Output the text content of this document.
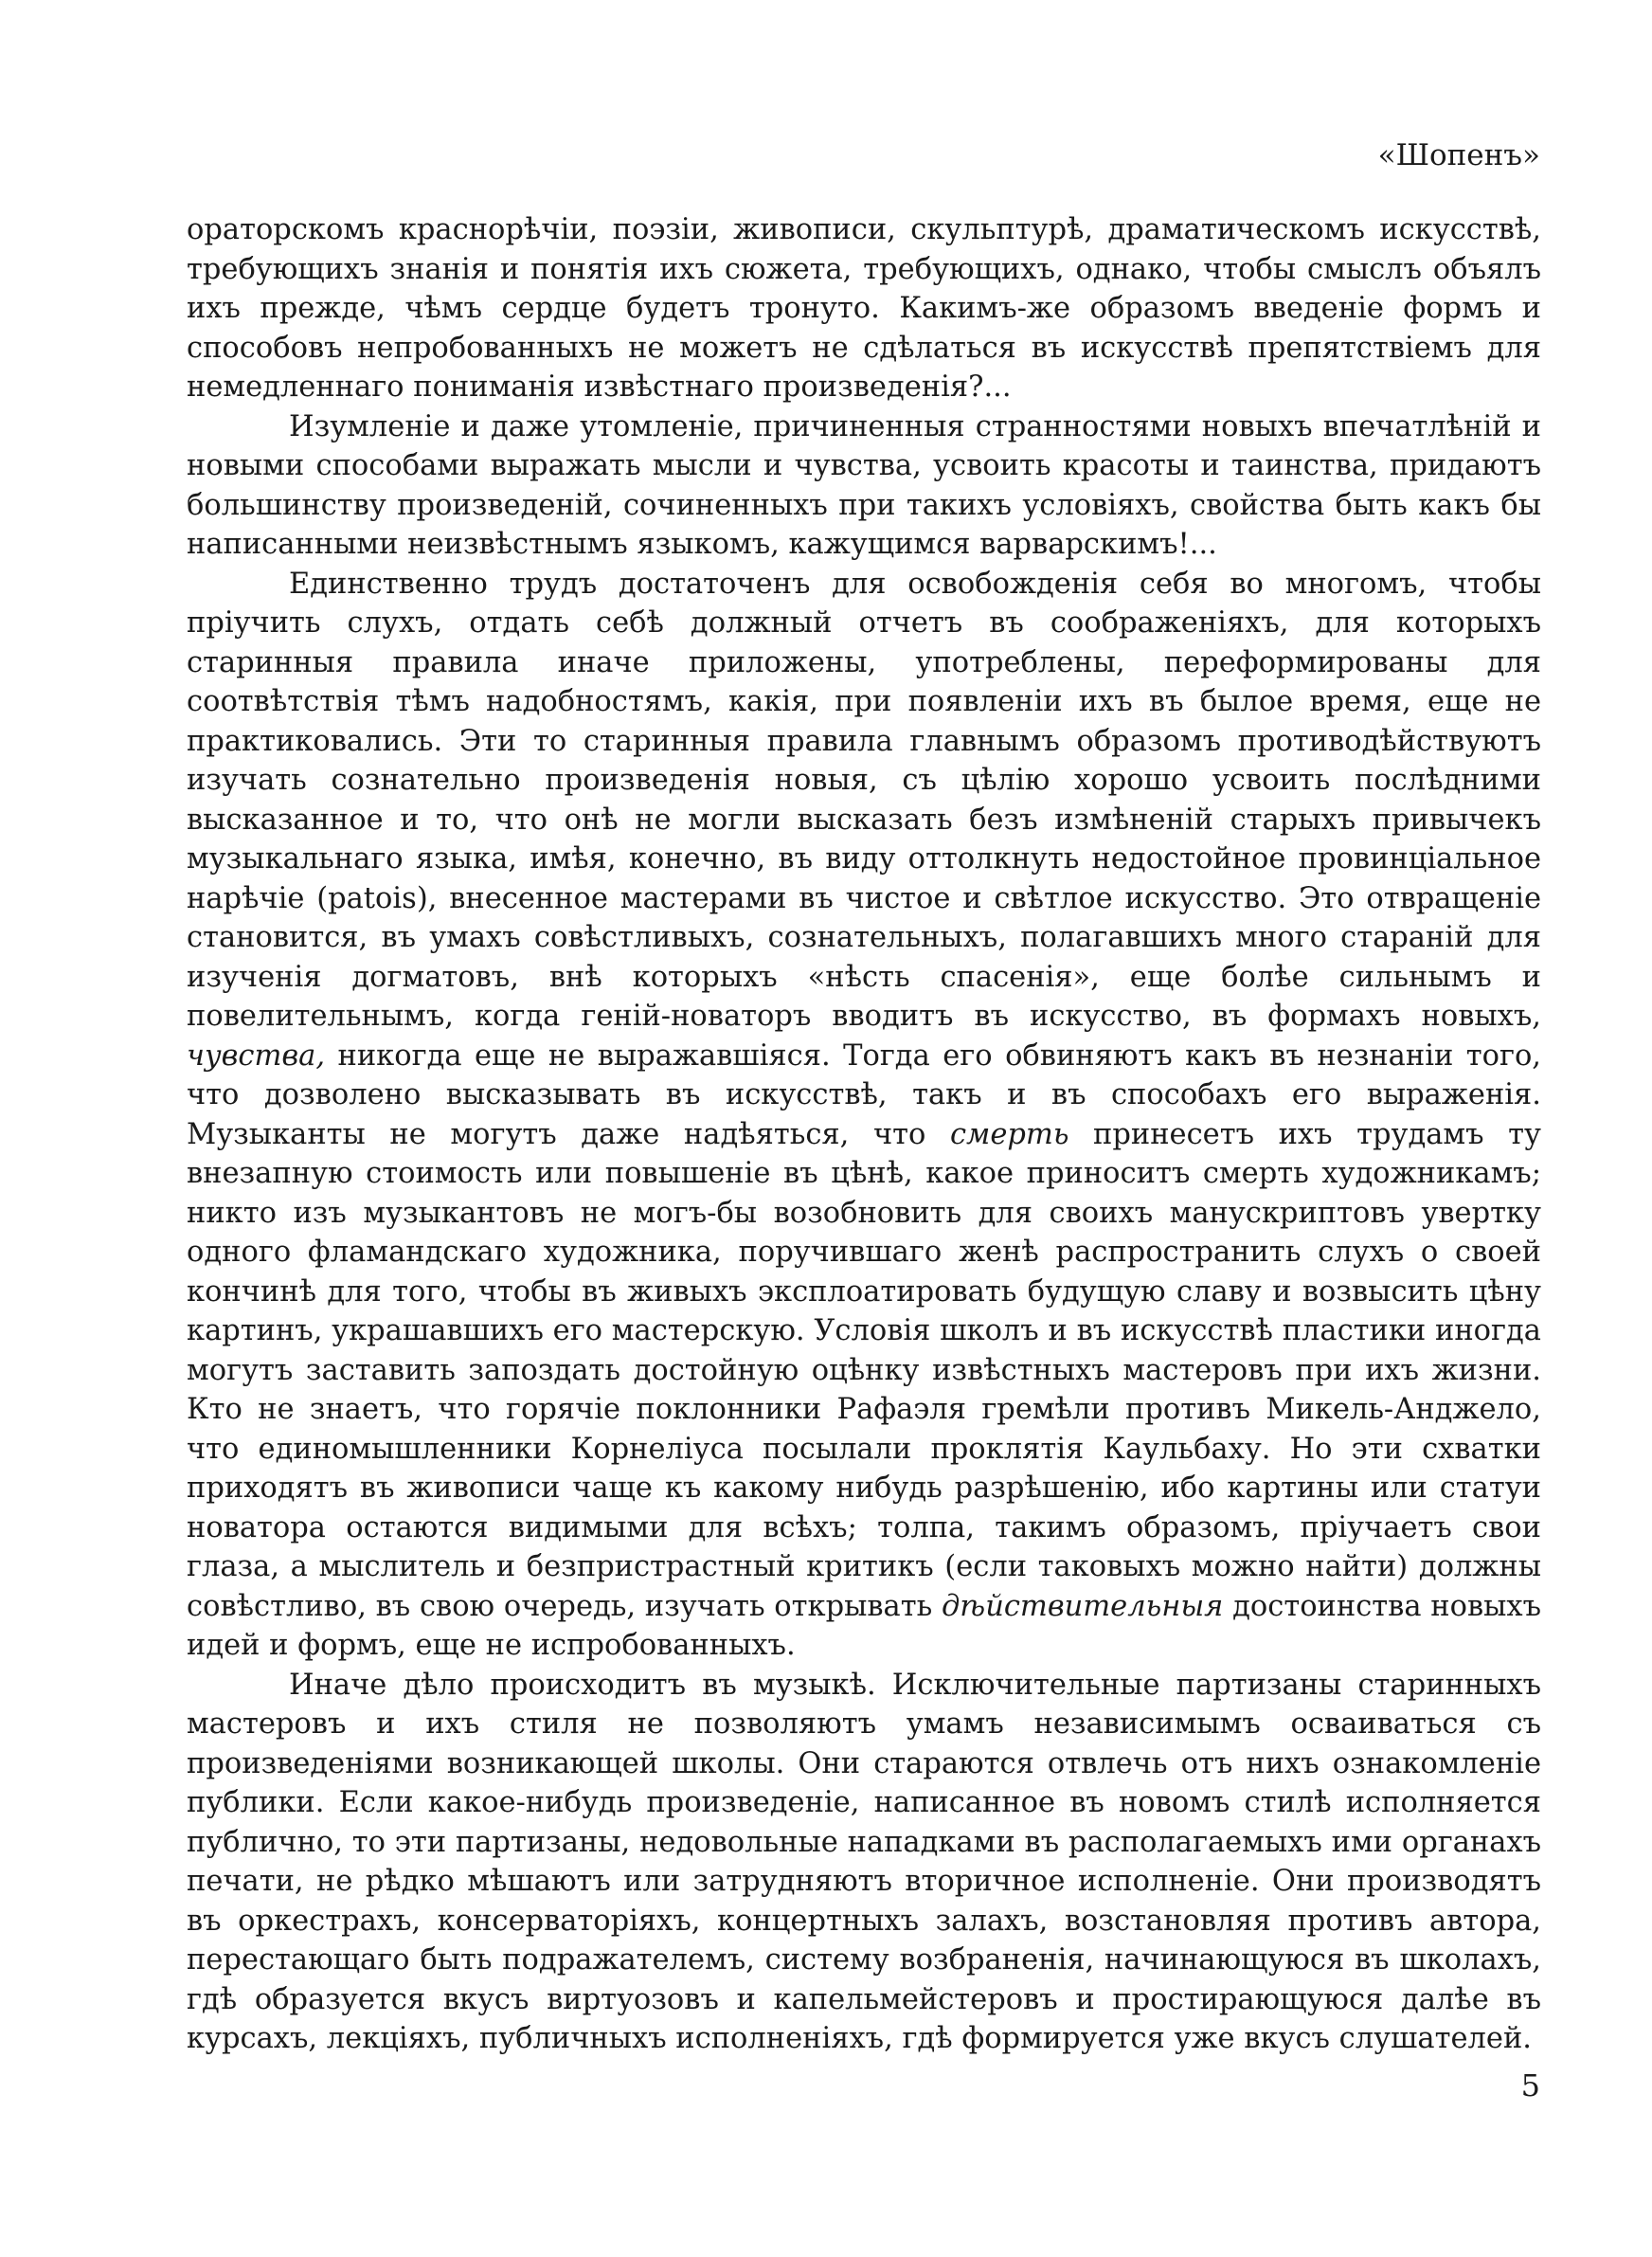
«Шопенъ»

ораторскомъ краснорѣчіи, поэзіи, живописи, скульптурѣ, драматическомъ искусствѣ, требующихъ знанія и понятія ихъ сюжета, требующихъ, однако, чтобы смыслъ объялъ ихъ прежде, чѣмъ сердце будетъ тронуто. Какимъ-же образомъ введеніе формъ и способовъ непробованныхъ не можетъ не сдѣлаться въ искусствѣ препятствіемъ для немедленнаго пониманія извѣстнаго произведенія?...

Изумленіе и даже утомленіе, причиненныя странностями новыхъ впечатлѣній и новыми способами выражать мысли и чувства, усвоить красоты и таинства, придаютъ большинству произведеній, сочиненныхъ при такихъ условіяхъ, свойства быть какъ бы написанными неизвѣстнымъ языкомъ, кажущимся варварскимъ!...

Единственно трудъ достаточенъ для освобожденія себя во многомъ, чтобы пріучить слухъ, отдать себѣ должный отчетъ въ соображеніяхъ, для которыхъ старинныя правила иначе приложены, употреблены, переформированы для соотвѣтствія тѣмъ надобностямъ, какія, при появленіи ихъ въ былое время, еще не практиковались. Эти то старинныя правила главнымъ образомъ противодѣйствуютъ изучать сознательно произведенія новыя, съ цѣлію хорошо усвоить послѣдними высказанное и то, что онѣ не могли высказать безъ измѣненій старыхъ привычекъ музыкальнаго языка, имѣя, конечно, въ виду оттолкнуть недостойное провинціальное нарѣчіе (patois), внесенное мастерами въ чистое и свѣтлое искусство. Это отвращеніе становится, въ умахъ совѣстливыхъ, сознательныхъ, полагавшихъ много стараній для изученія догматовъ, внѣ которыхъ «нѣсть спасенія», еще болѣе сильнымъ и повелительнымъ, когда геній-новаторъ вводитъ въ искусство, въ формахъ новыхъ, чувства, никогда еще не выражавшіяся. Тогда его обвиняютъ какъ въ незнаніи того, что дозволено высказывать въ искусствѣ, такъ и въ способахъ его выраженія. Музыканты не могутъ даже надѣяться, что смерть принесетъ ихъ трудамъ ту внезапную стоимость или повышеніе въ цѣнѣ, какое приноситъ смерть художникамъ; никто изъ музыкантовъ не могъ-бы возобновить для своихъ манускриптовъ увертку одного фламандскаго художника, поручившаго женѣ распространить слухъ о своей кончинѣ для того, чтобы въ живыхъ эксплоатировать будущую славу и возвысить цѣну картинъ, украшавшихъ его мастерскую. Условія школъ и въ искусствѣ пластики иногда могутъ заставить запоздать достойную оцѣнку извѣстныхъ мастеровъ при ихъ жизни. Кто не знаетъ, что горячіе поклонники Рафаэля гремѣли противъ Микель-Анджело, что единомышленники Корнеліуса посылали проклятія Каульбаху. Но эти схватки приходятъ въ живописи чаще къ какому нибудь разрѣшенію, ибо картины или статуи новатора остаются видимыми для всѣхъ; толпа, такимъ образомъ, пріучаетъ свои глаза, а мыслитель и безпристрастный критикъ (если таковыхъ можно найти) должны совѣстливо, въ свою очередь, изучать открывать дѣйствительныя достоинства новыхъ идей и формъ, еще не испробованныхъ.

Иначе дѣло происходитъ въ музыкѣ. Исключительные партизаны старинныхъ мастеровъ и ихъ стиля не позволяютъ умамъ независимымъ осваиваться съ произведеніями возникающей школы. Они стараются отвлечь отъ нихъ ознакомленіе публики. Если какое-нибудь произведеніе, написанное въ новомъ стилѣ исполняется публично, то эти партизаны, недовольные нападками въ располагаемыхъ ими органахъ печати, не рѣдко мѣшаютъ или затрудняютъ вторичное исполненіе. Они производятъ въ оркестрахъ, консерваторіяхъ, концертныхъ залахъ, возстановляя противъ автора, перестающаго быть подражателемъ, систему возбраненія, начинающуюся въ школахъ, гдѣ образуется вкусъ виртуозовъ и капельмейстеровъ и простирающуюся далѣе въ курсахъ, лекціяхъ, публичныхъ исполненіяхъ, гдѣ формируется уже вкусъ слушателей.

5
